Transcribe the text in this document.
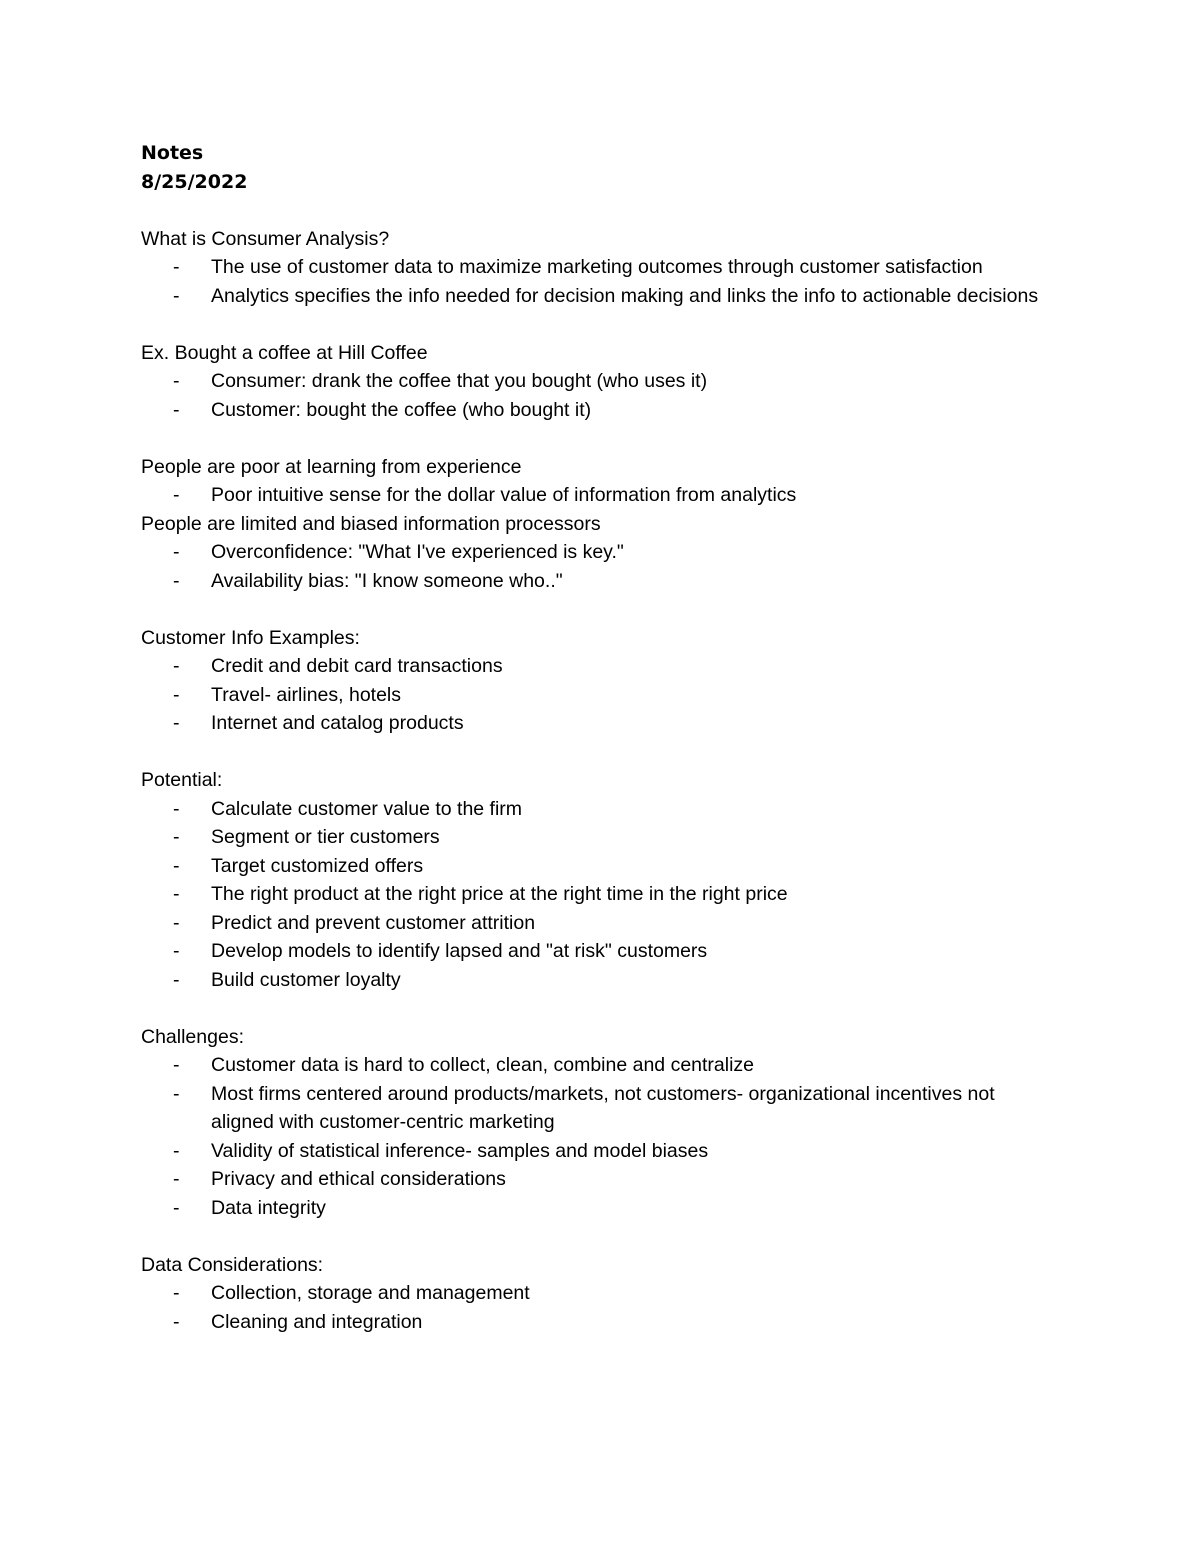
Notes
8/25/2022
What is Consumer Analysis?
- The use of customer data to maximize marketing outcomes through customer satisfaction
- Analytics specifies the info needed for decision making and links the info to actionable decisions
Ex. Bought a coffee at Hill Coffee
- Consumer: drank the coffee that you bought (who uses it)
- Customer: bought the coffee (who bought it)
People are poor at learning from experience
- Poor intuitive sense for the dollar value of information from analytics
People are limited and biased information processors
- Overconfidence: "What I've experienced is key."
- Availability bias: "I know someone who.."
Customer Info Examples:
- Credit and debit card transactions
- Travel- airlines, hotels
- Internet and catalog products
Potential:
- Calculate customer value to the firm
- Segment or tier customers
- Target customized offers
- The right product at the right price at the right time in the right price
- Predict and prevent customer attrition
- Develop models to identify lapsed and "at risk" customers
- Build customer loyalty
Challenges:
- Customer data is hard to collect, clean, combine and centralize
- Most firms centered around products/markets, not customers- organizational incentives not aligned with customer-centric marketing
- Validity of statistical inference- samples and model biases
- Privacy and ethical considerations
- Data integrity
Data Considerations:
- Collection, storage and management
- Cleaning and integration
